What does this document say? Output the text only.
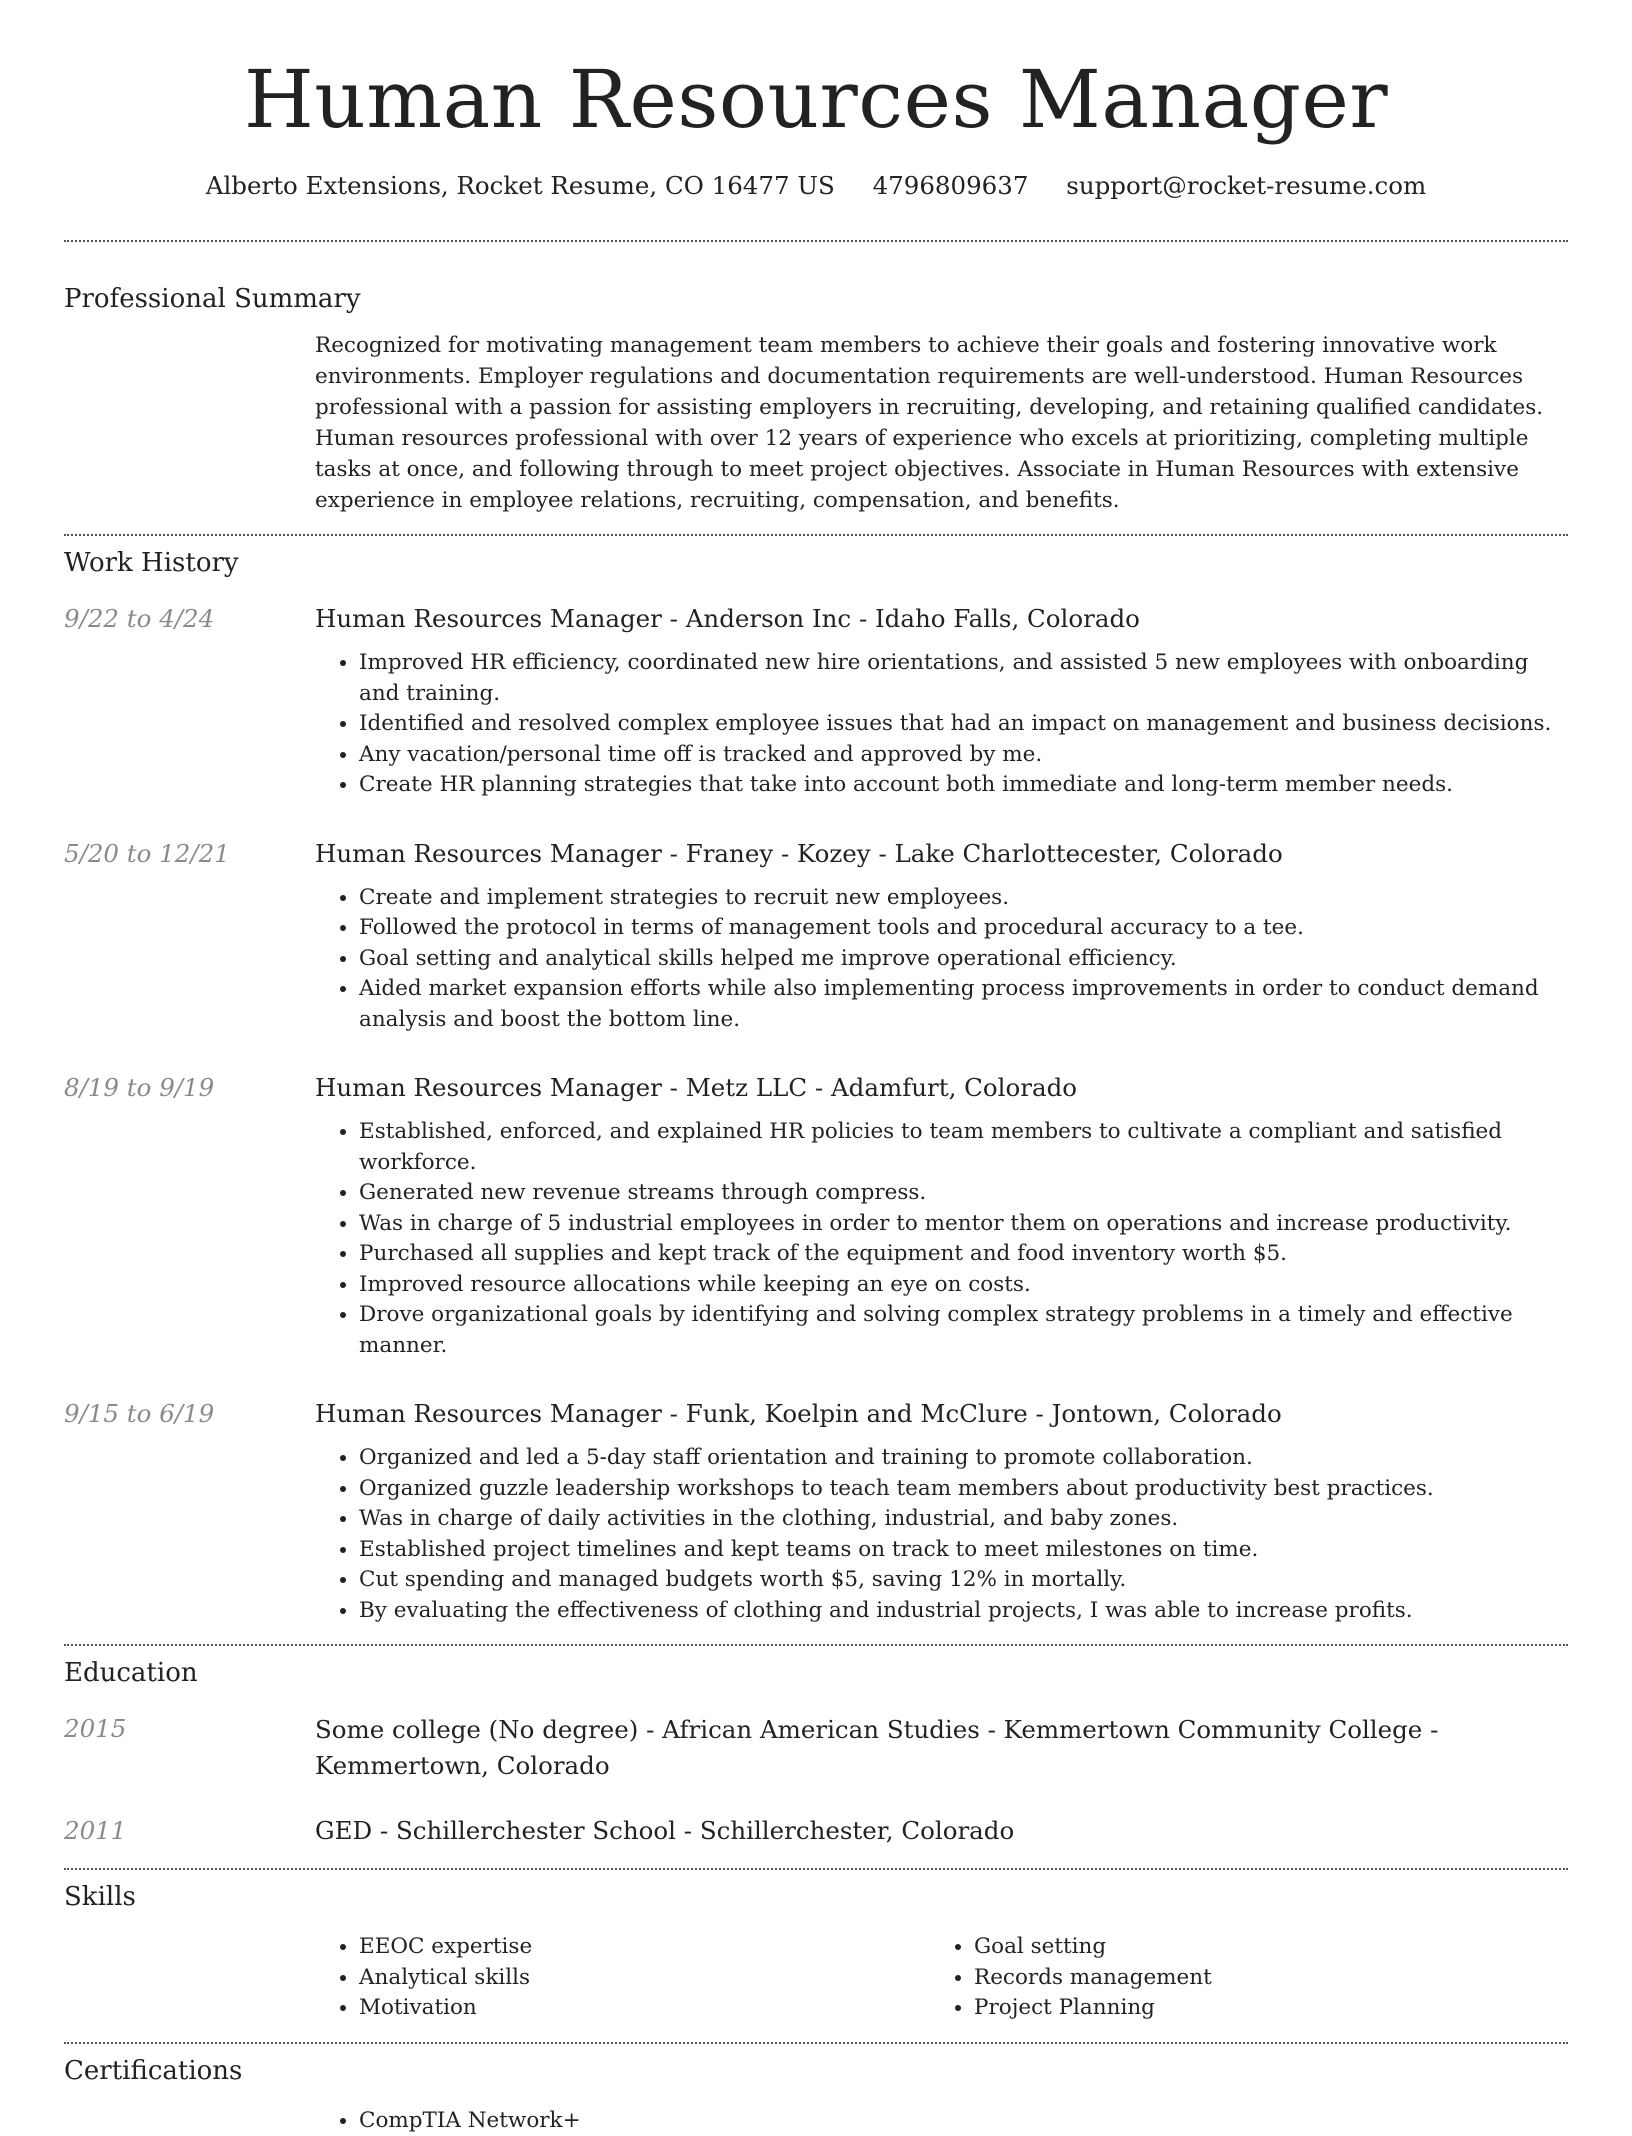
Human Resources Manager
Alberto Extensions, Rocket Resume, CO 16477 US 4796809637 support@rocket-resume.com
Professional Summary

Recognized for motivating management team members to achieve their goals and fostering innovative work environments. Employer regulations and documentation requirements are well-understood. Human Resources professional with a passion for assisting employers in recruiting, developing, and retaining qualified candidates. Human resources professional with over 12 years of experience who excels at prioritizing, completing multiple tasks at once, and following through to meet project objectives. Associate in Human Resources with extensive experience in employee relations, recruiting, compensation, and benefits.

Work History
9/22 to 4/24	Human Resources Manager - Anderson Inc - Idaho Falls, Colorado
• Improved HR efficiency, coordinated new hire orientations, and assisted 5 new employees with onboarding and training.
• Identified and resolved complex employee issues that had an impact on management and business decisions.
• Any vacation/personal time off is tracked and approved by me.
• Create HR planning strategies that take into account both immediate and long-term member needs.
5/20 to 12/21	Human Resources Manager - Franey - Kozey - Lake Charlottecester, Colorado
• Create and implement strategies to recruit new employees.
• Followed the protocol in terms of management tools and procedural accuracy to a tee.
• Goal setting and analytical skills helped me improve operational efficiency.
• Aided market expansion efforts while also implementing process improvements in order to conduct demand analysis and boost the bottom line.
8/19 to 9/19	Human Resources Manager - Metz LLC - Adamfurt, Colorado
• Established, enforced, and explained HR policies to team members to cultivate a compliant and satisfied workforce.
• Generated new revenue streams through compress.
• Was in charge of 5 industrial employees in order to mentor them on operations and increase productivity.
• Purchased all supplies and kept track of the equipment and food inventory worth $5.
• Improved resource allocations while keeping an eye on costs.
• Drove organizational goals by identifying and solving complex strategy problems in a timely and effective manner.
9/15 to 6/19	Human Resources Manager - Funk, Koelpin and McClure - Jontown, Colorado
• Organized and led a 5-day staff orientation and training to promote collaboration.
• Organized guzzle leadership workshops to teach team members about productivity best practices.
• Was in charge of daily activities in the clothing, industrial, and baby zones.
• Established project timelines and kept teams on track to meet milestones on time.
• Cut spending and managed budgets worth $5, saving 12% in mortally.
• By evaluating the effectiveness of clothing and industrial projects, I was able to increase profits.
Education
2015	Some college (No degree) - African American Studies - Kemmertown Community College - Kemmertown, Colorado
2011	GED - Schillerchester School - Schillerchester, Colorado
Skills
• EEOC expertise
• Analytical skills
• Motivation
• Goal setting
• Records management
• Project Planning
Certifications
• CompTIA Network+
